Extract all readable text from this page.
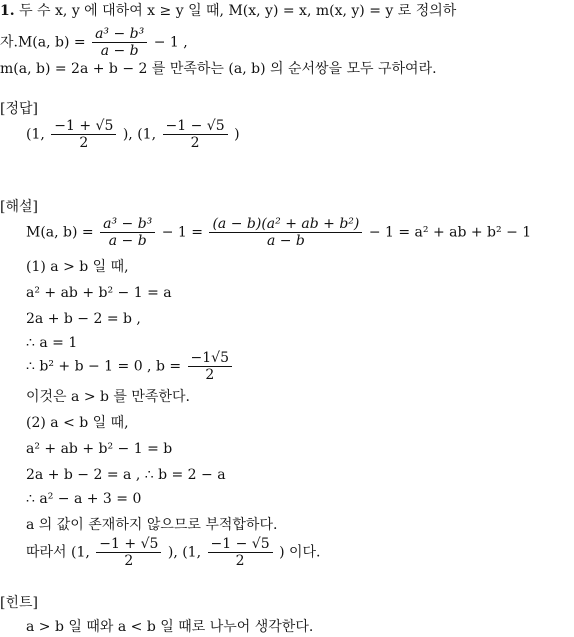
1. 두 수 x, y 에 대하여 x ≥ y 일 때, M(x, y) = x, m(x, y) = y 로 정의하
자.M(a, $b) = \frac{\text{a³ − b³}}{a - b} - 1$ ,
m(a, b) = 2a + b − 2 를 만족하는 (a, b) 의 순서쌍을 모두 구하여라.
[정답]
(1, $\frac{-1 + √5}{2}$ ), (1, $\frac{-1 - √5}{2}$ )
[해설]
M(a, $b) = \frac{\text{a³ − b³}}{a - b} - 1 = \frac{\text{(a − b)(a² + ab + b²)}}{a - b} - 1 = a^2$ + ab + b² − 1
(1) a > b 일 때,
a² + ab + b² − 1 = a
2a + b − 2 = b ,
∴ a = 1
∴ b² + b − 1 = 0 , $b = \frac{-1√5}{2}$
이것은 a > b 를 만족한다.
(2) a < b 일 때,
a² + ab + b² − 1 = b
2a + b − 2 = a , ∴ b = 2 − a
∴ a² − a + 3 = 0
a 의 값이 존재하지 않으므로 부적합하다.
따라서 (1, $\frac{-1 + √5}{2}$ ), (1, $\frac{-1 - √5}{2}$ ) 이다.
[힌트]
a > b 일 때와 a < b 일 때로 나누어 생각한다.
